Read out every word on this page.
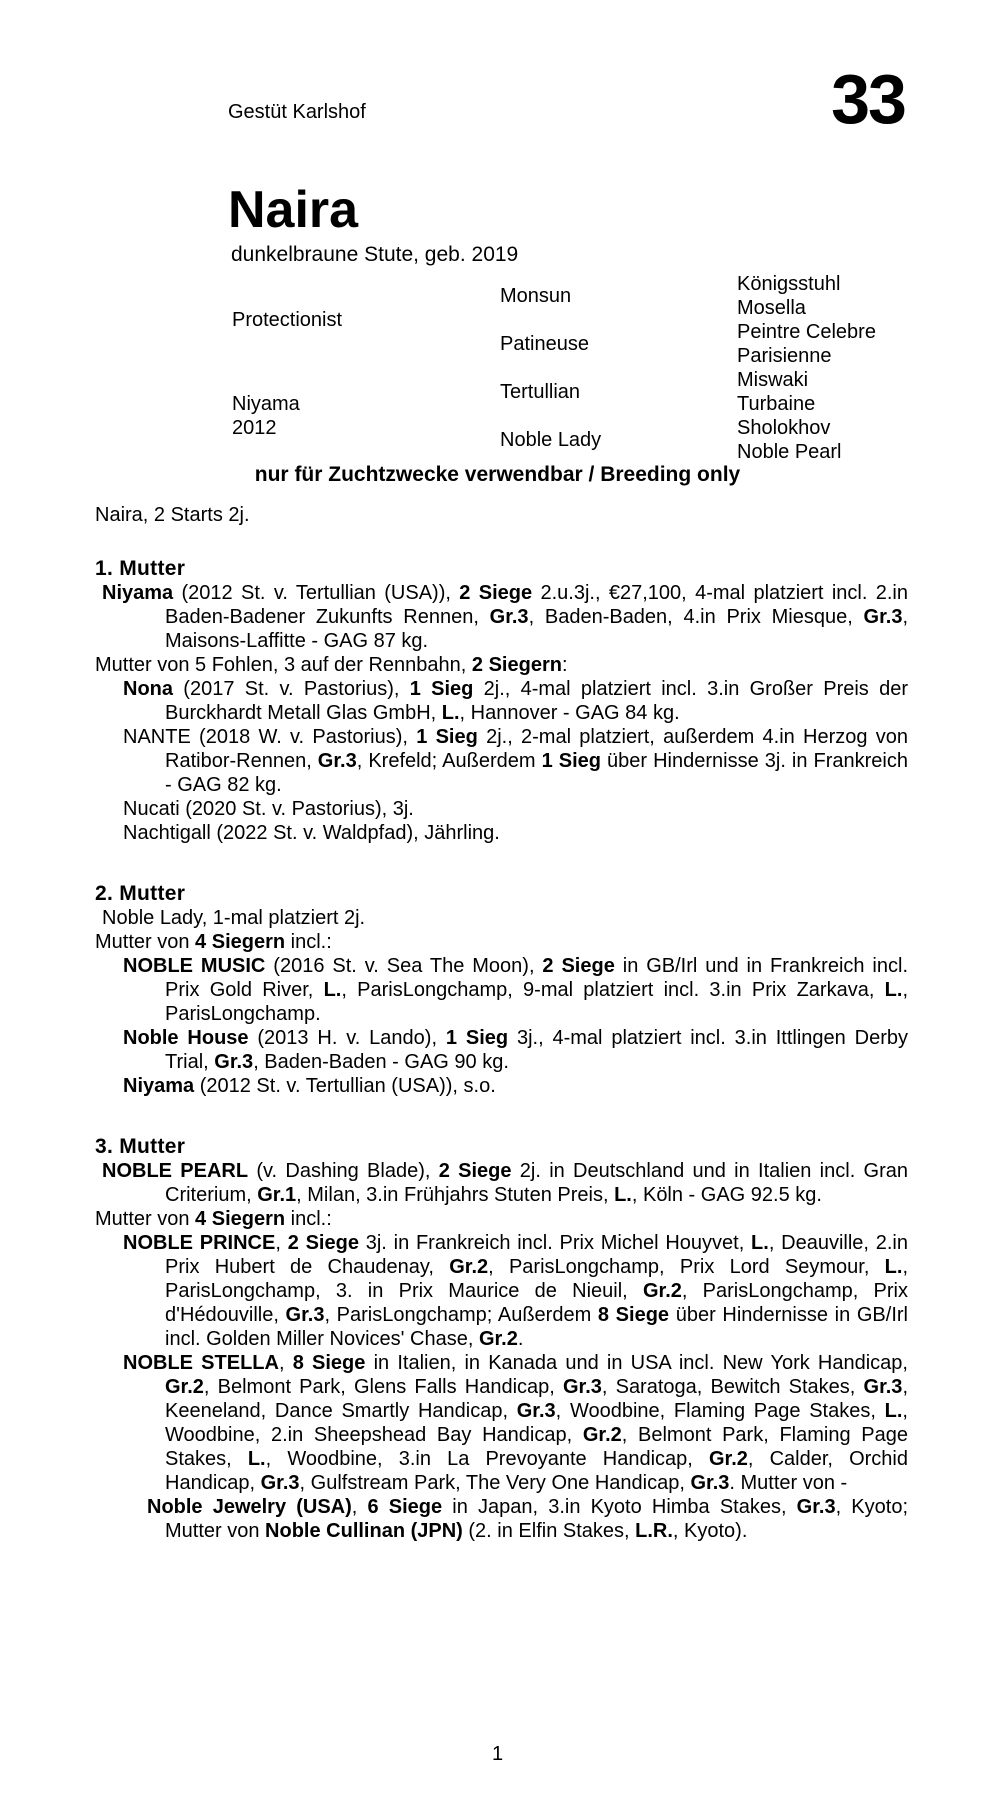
Gestüt Karlshof	33
Naira
dunkelbraune Stute, geb. 2019
Protectionist
Niyama
2012
Monsun
Patineuse
Tertullian
Noble Lady
Königsstuhl
Mosella
Peintre Celebre
Parisienne
Miswaki
Turbaine
Sholokhov
Noble Pearl
nur für Zuchtzwecke verwendbar / Breeding only
Naira, 2 Starts 2j.
1. Mutter
Niyama (2012 St. v. Tertullian (USA)), 2 Siege 2.u.3j., €27,100, 4-mal platziert incl. 2.in Baden-Badener Zukunfts Rennen, Gr.3, Baden-Baden, 4.in Prix Miesque, Gr.3, Maisons-Laffitte - GAG 87 kg.
Mutter von 5 Fohlen, 3 auf der Rennbahn, 2 Siegern:
Nona (2017 St. v. Pastorius), 1 Sieg 2j., 4-mal platziert incl. 3.in Großer Preis der Burckhardt Metall Glas GmbH, L., Hannover - GAG 84 kg.
NANTE (2018 W. v. Pastorius), 1 Sieg 2j., 2-mal platziert, außerdem 4.in Herzog von Ratibor-Rennen, Gr.3, Krefeld; Außerdem 1 Sieg über Hindernisse 3j. in Frankreich - GAG 82 kg.
Nucati (2020 St. v. Pastorius), 3j.
Nachtigall (2022 St. v. Waldpfad), Jährling.
2. Mutter
Noble Lady, 1-mal platziert 2j.
Mutter von 4 Siegern incl.:
NOBLE MUSIC (2016 St. v. Sea The Moon), 2 Siege in GB/Irl und in Frankreich incl. Prix Gold River, L., ParisLongchamp, 9-mal platziert incl. 3.in Prix Zarkava, L., ParisLongchamp.
Noble House (2013 H. v. Lando), 1 Sieg 3j., 4-mal platziert incl. 3.in Ittlingen Derby Trial, Gr.3, Baden-Baden - GAG 90 kg.
Niyama (2012 St. v. Tertullian (USA)), s.o.
3. Mutter
NOBLE PEARL (v. Dashing Blade), 2 Siege 2j. in Deutschland und in Italien incl. Gran Criterium, Gr.1, Milan, 3.in Frühjahrs Stuten Preis, L., Köln - GAG 92.5 kg.
Mutter von 4 Siegern incl.:
NOBLE PRINCE, 2 Siege 3j. in Frankreich incl. Prix Michel Houyvet, L., Deauville, 2.in Prix Hubert de Chaudenay, Gr.2, ParisLongchamp, Prix Lord Seymour, L., ParisLongchamp, 3. in Prix Maurice de Nieuil, Gr.2, ParisLongchamp, Prix d'Hédouville, Gr.3, ParisLongchamp; Außerdem 8 Siege über Hindernisse in GB/Irl incl. Golden Miller Novices' Chase, Gr.2.
NOBLE STELLA, 8 Siege in Italien, in Kanada und in USA incl. New York Handicap, Gr.2, Belmont Park, Glens Falls Handicap, Gr.3, Saratoga, Bewitch Stakes, Gr.3, Keeneland, Dance Smartly Handicap, Gr.3, Woodbine, Flaming Page Stakes, L., Woodbine, 2.in Sheepshead Bay Handicap, Gr.2, Belmont Park, Flaming Page Stakes, L., Woodbine, 3.in La Prevoyante Handicap, Gr.2, Calder, Orchid Handicap, Gr.3, Gulfstream Park, The Very One Handicap, Gr.3. Mutter von -
Noble Jewelry (USA), 6 Siege in Japan, 3.in Kyoto Himba Stakes, Gr.3, Kyoto; Mutter von Noble Cullinan (JPN) (2. in Elfin Stakes, L.R., Kyoto).
1
